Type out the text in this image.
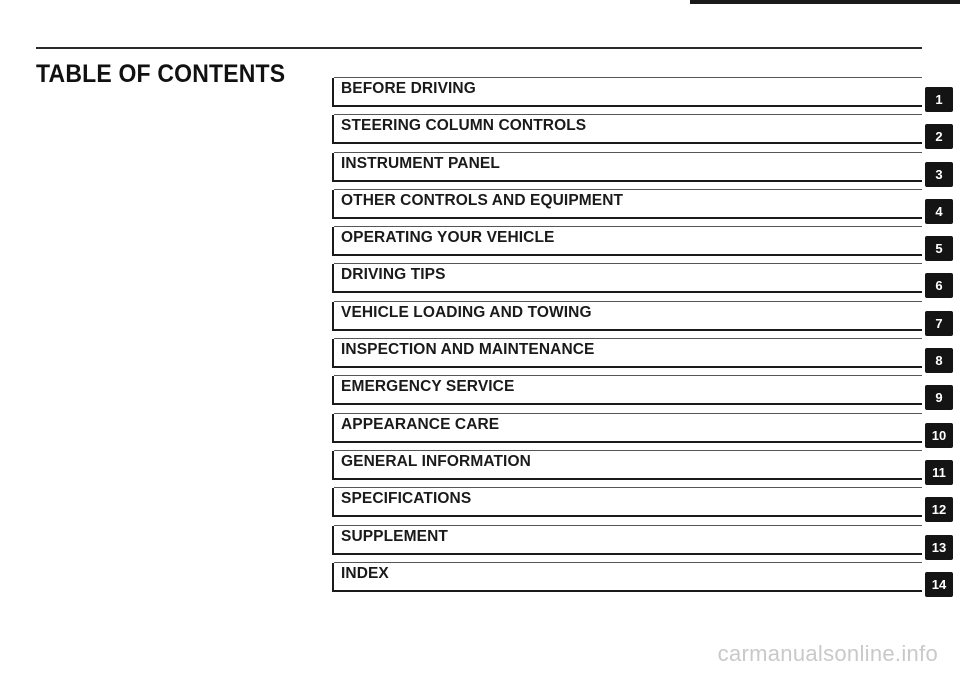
TABLE OF CONTENTS
BEFORE DRIVING
1
STEERING COLUMN CONTROLS
2
INSTRUMENT PANEL
3
OTHER CONTROLS AND EQUIPMENT
4
OPERATING YOUR VEHICLE
5
DRIVING TIPS
6
VEHICLE LOADING AND TOWING
7
INSPECTION AND MAINTENANCE
8
EMERGENCY SERVICE
9
APPEARANCE CARE
10
GENERAL INFORMATION
11
SPECIFICATIONS
12
SUPPLEMENT
13
INDEX
14
carmanualsonline.info
